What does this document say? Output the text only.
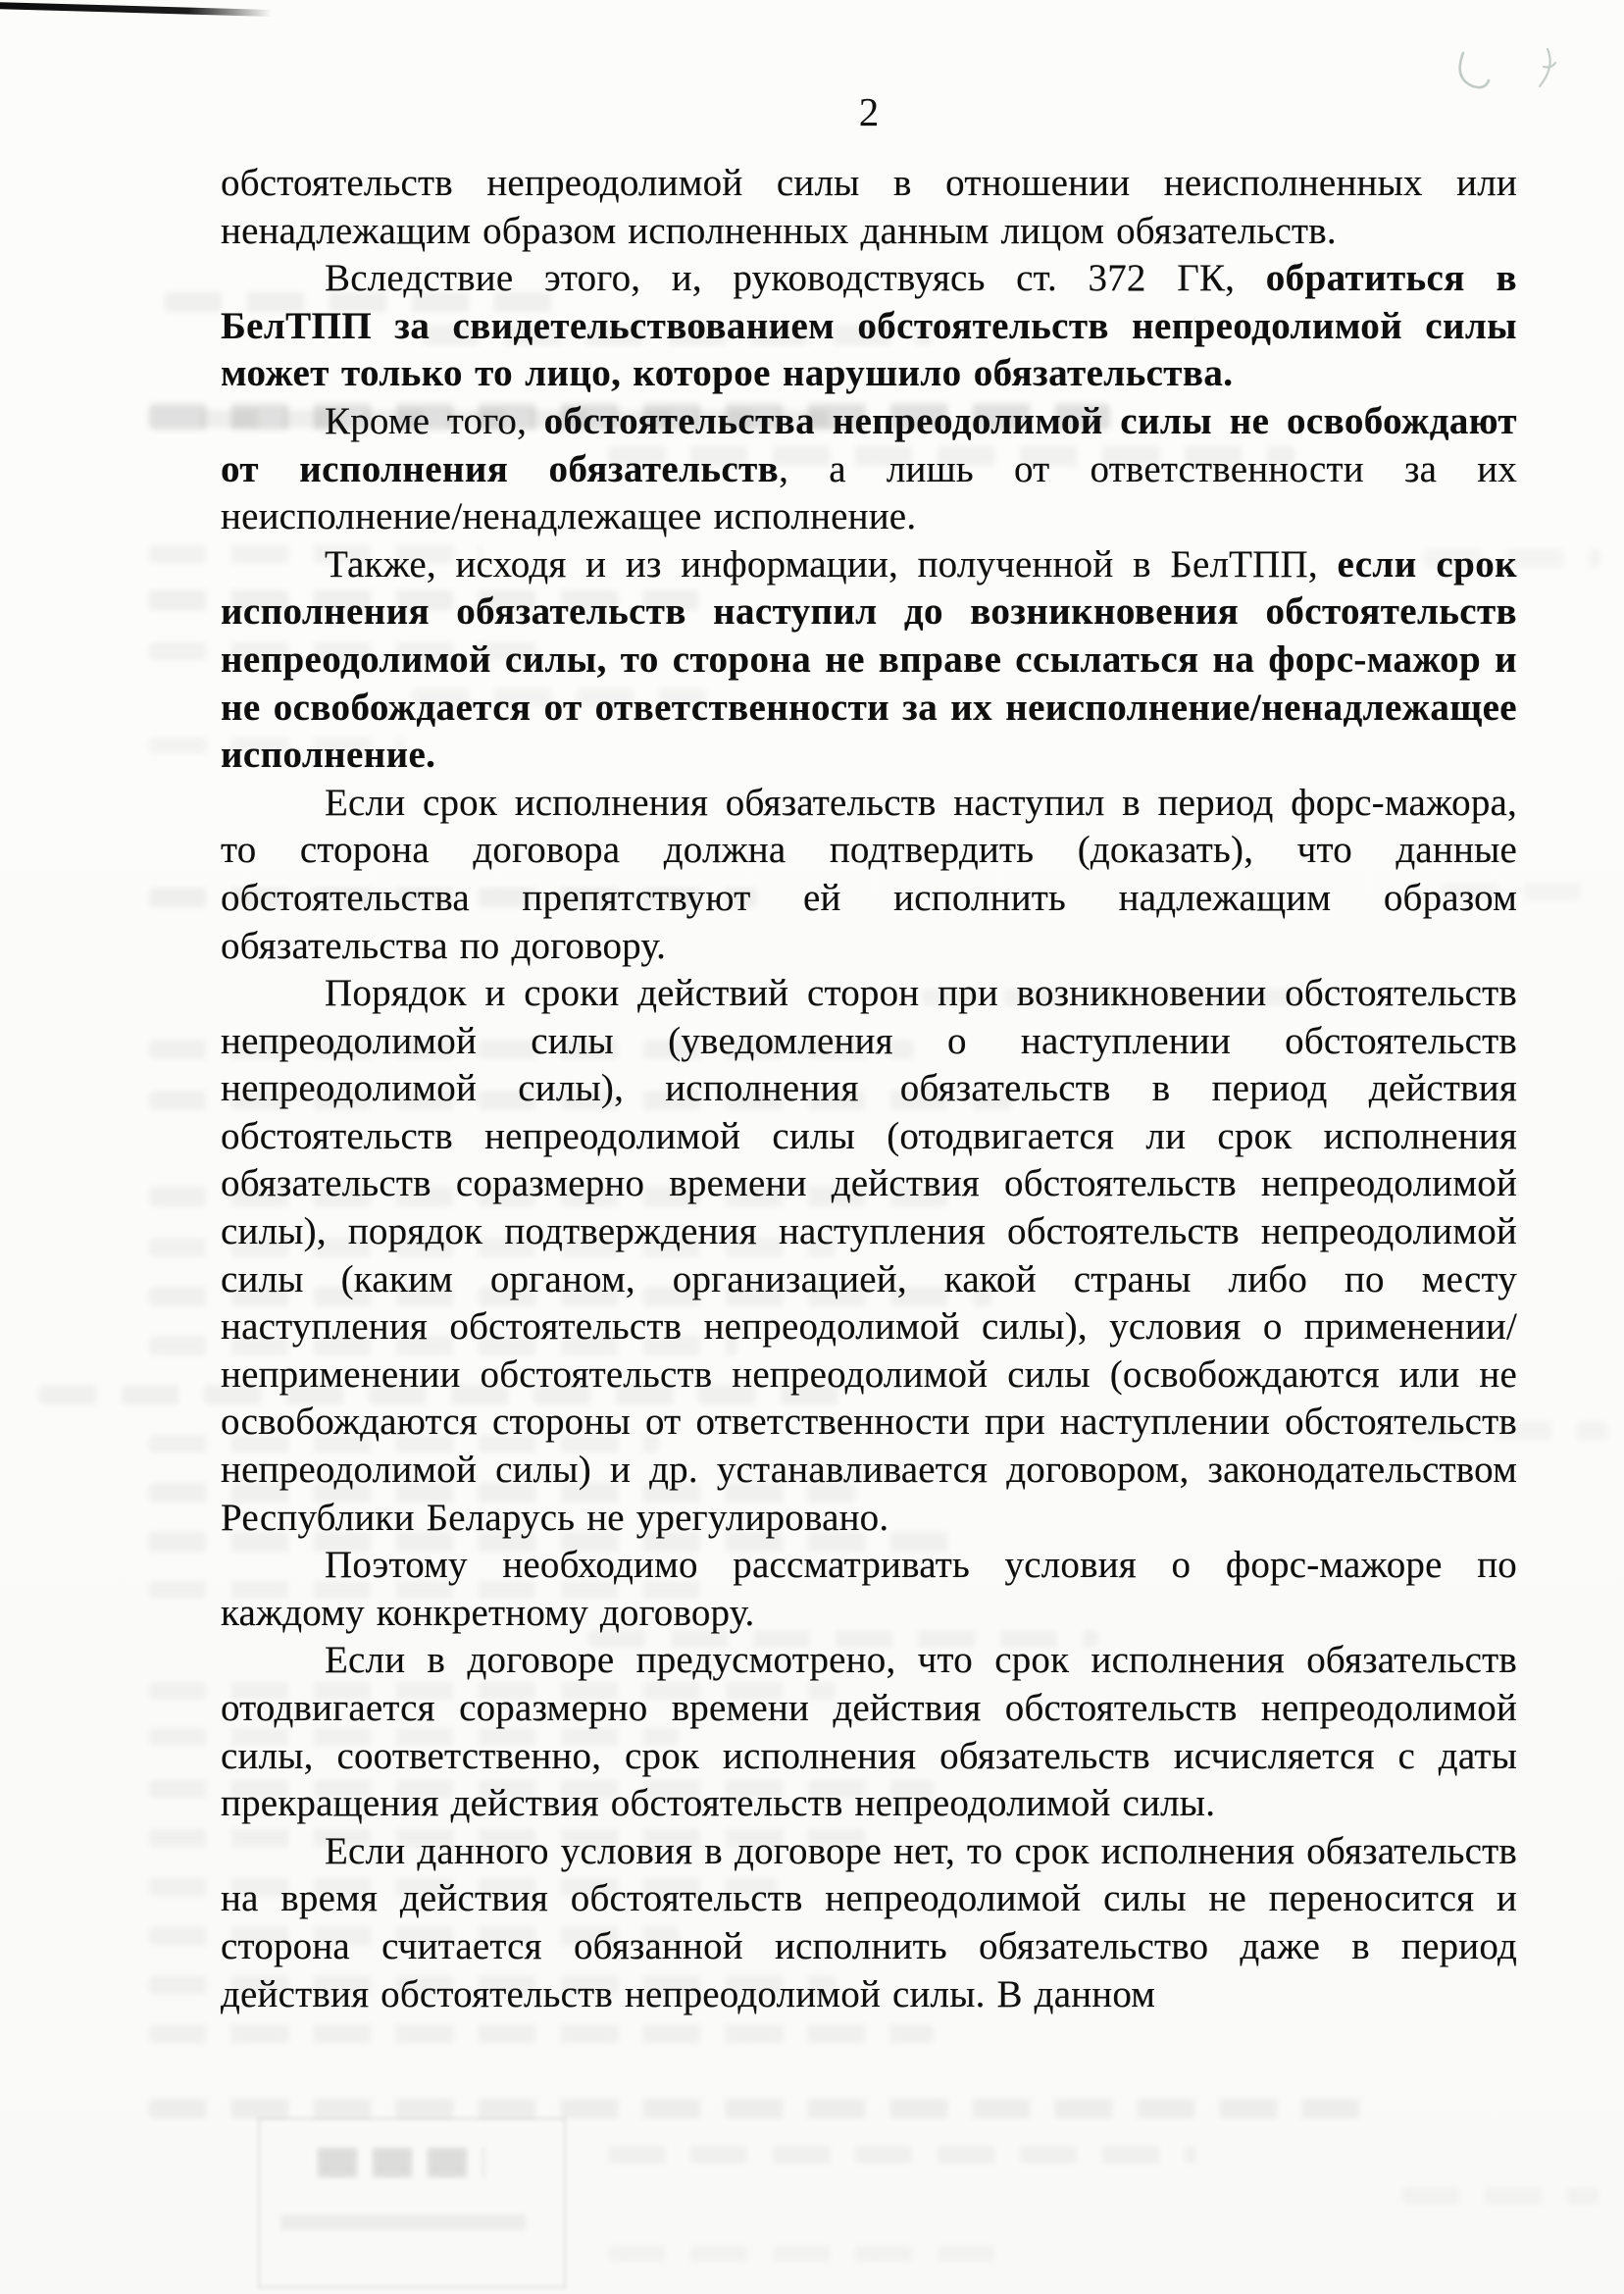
2

обстоятельств непреодолимой силы в отношении неисполненных или ненадлежащим образом исполненных данным лицом обязательств.

Вследствие этого, и, руководствуясь ст. 372 ГК, обратиться в БелТПП за свидетельствованием обстоятельств непреодолимой силы может только то лицо, которое нарушило обязательства.

Кроме того, обстоятельства непреодолимой силы не освобождают от исполнения обязательств, а лишь от ответственности за их неисполнение/ненадлежащее исполнение.

Также, исходя и из информации, полученной в БелТПП, если срок исполнения обязательств наступил до возникновения обстоятельств непреодолимой силы, то сторона не вправе ссылаться на форс-мажор и не освобождается от ответственности за их неисполнение/ненадлежащее исполнение.

Если срок исполнения обязательств наступил в период форс-мажора, то сторона договора должна подтвердить (доказать), что данные обстоятельства препятствуют ей исполнить надлежащим образом обязательства по договору.

Порядок и сроки действий сторон при возникновении обстоятельств непреодолимой силы (уведомления о наступлении обстоятельств непреодолимой силы), исполнения обязательств в период действия обстоятельств непреодолимой силы (отодвигается ли срок исполнения обязательств соразмерно времени действия обстоятельств непреодолимой силы), порядок подтверждения наступления обстоятельств непреодолимой силы (каким органом, организацией, какой страны либо по месту наступления обстоятельств непреодолимой силы), условия о применении/неприменении обстоятельств непреодолимой силы (освобождаются или не освобождаются стороны от ответственности при наступлении обстоятельств непреодолимой силы) и др. устанавливается договором, законодательством Республики Беларусь не урегулировано.

Поэтому необходимо рассматривать условия о форс-мажоре по каждому конкретному договору.

Если в договоре предусмотрено, что срок исполнения обязательств отодвигается соразмерно времени действия обстоятельств непреодолимой силы, соответственно, срок исполнения обязательств исчисляется с даты прекращения действия обстоятельств непреодолимой силы.

Если данного условия в договоре нет, то срок исполнения обязательств на время действия обстоятельств непреодолимой силы не переносится и сторона считается обязанной исполнить обязательство даже в период действия обстоятельств непреодолимой силы. В данном
